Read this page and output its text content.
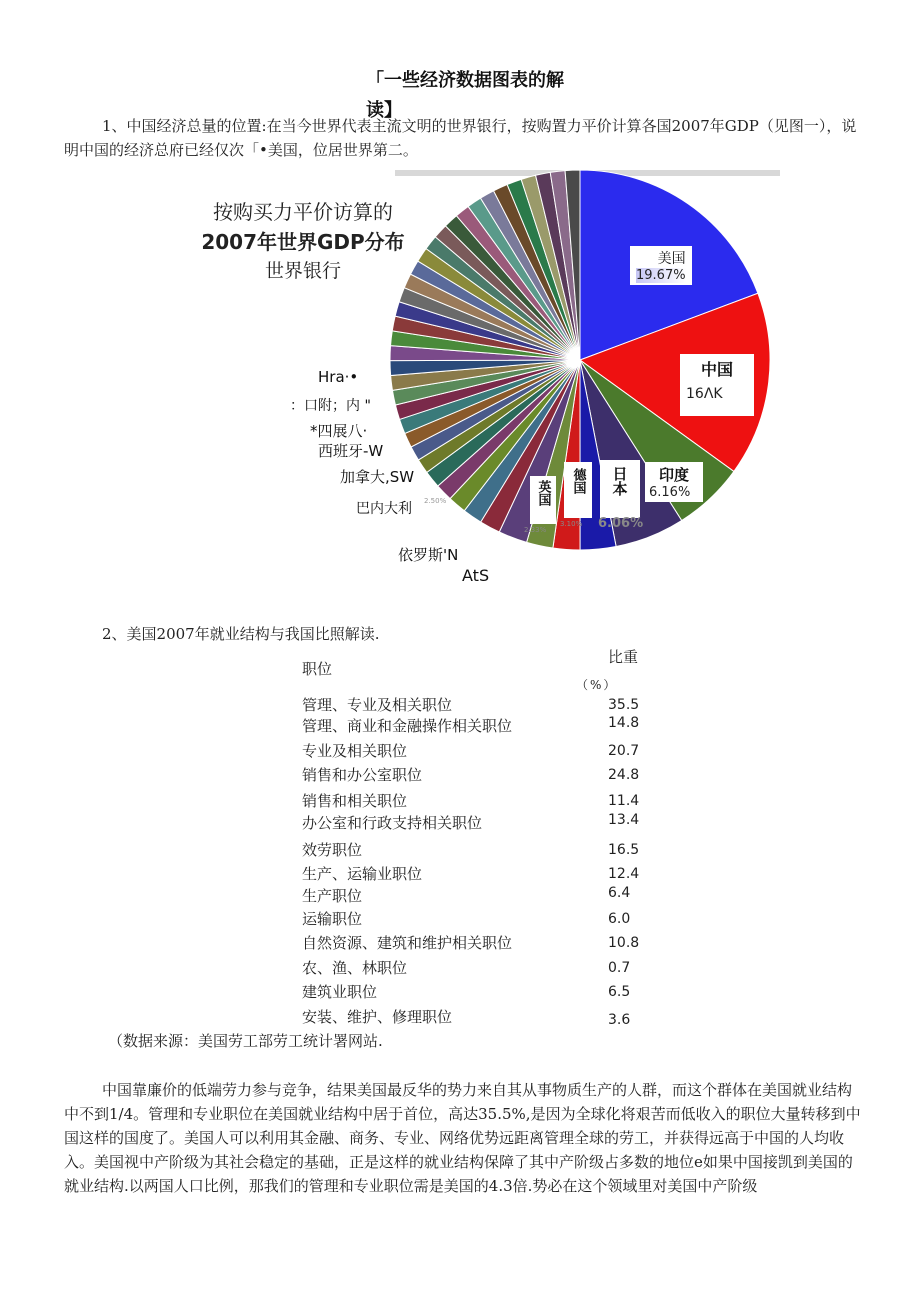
「一些经济数据图表的解读】
1、中国经济总量的位置:在当今世界代表主流文明的世界银行，按购置力平价计算各国2007年GDP（见图一），说明中国的经济总府已经仅次「•美国，位居世界第二。
按购买力平价访算的
2007年世界GDP分布
世界银行
美国
19.67%
中国
16ΛK
印度
6.16%
日本
6.06%
德国
3.10%
英国
2.33%
Hra·•
：口附；内 "
*四展八·
西班牙-W
加拿大,SW
巴内大利 2.50%
依罗斯'N
AtS
2、美国2007年就业结构与我国比照解读.
职位
比重
（%）
管理、专业及相关职位	35.5
管理、商业和金融操作相关职位	14.8
专业及相关职位	20.7
销售和办公室职位	24.8
销售和相关职位	11.4
办公室和行政支持相关职位	13.4
效劳职位	16.5
生产、运输业职位	12.4
生产职位	6.4
运输职位	6.0
自然资源、建筑和维护相关职位	10.8
农、渔、林职位	0.7
建筑业职位	6.5
安装、维护、修理职位	3.6
（数据来源：美国劳工部劳工统计署网站.
中国靠廉价的低端劳力参与竞争，结果美国最反华的势力来自其从事物质生产的人群，而这个群体在美国就业结构中不到1/4。管理和专业职位在美国就业结构中居于首位，高达35.5%,是因为全球化将艰苦而低收入的职位大量转移到中国这样的国度了。美国人可以利用其金融、商务、专业、网络优势远距离管理全球的劳工，并获得远高于中国的人均收入。美国视中产阶级为其社会稳定的基础，正是这样的就业结构保障了其中产阶级占多数的地位e如果中国接凯到美国的就业结构.以两国人口比例，那我们的管理和专业职位需是美国的4.3倍.势必在这个领域里对美国中产阶级
